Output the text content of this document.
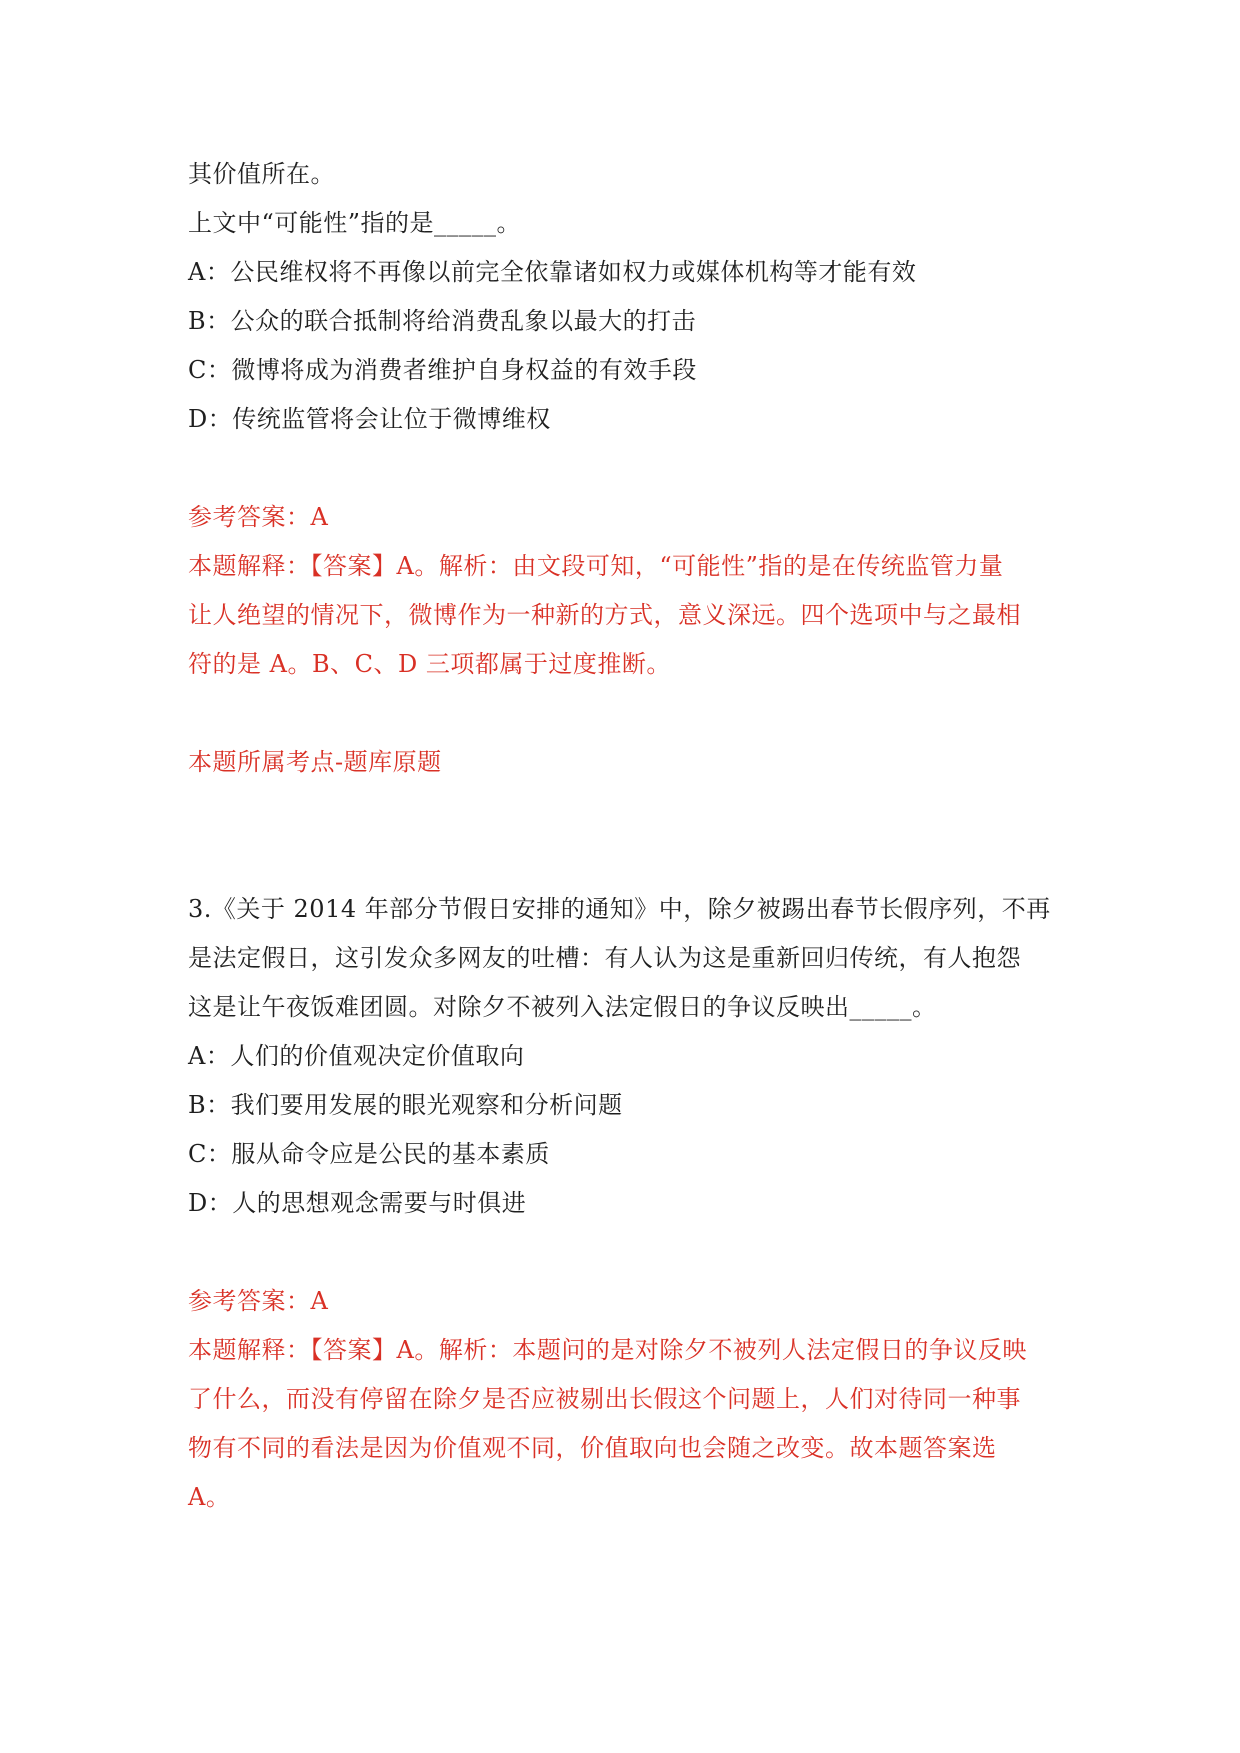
其价值所在。
上文中“可能性”指的是_____。
A：公民维权将不再像以前完全依靠诸如权力或媒体机构等才能有效
B：公众的联合抵制将给消费乱象以最大的打击
C：微博将成为消费者维护自身权益的有效手段
D：传统监管将会让位于微博维权
参考答案：A
本题解释：【答案】A。解析：由文段可知，“可能性”指的是在传统监管力量
让人绝望的情况下，微博作为一种新的方式，意义深远。四个选项中与之最相
符的是 A。B、C、D 三项都属于过度推断。
本题所属考点-题库原题
3.《关于 2014 年部分节假日安排的通知》中，除夕被踢出春节长假序列，不再
是法定假日，这引发众多网友的吐槽：有人认为这是重新回归传统，有人抱怨
这是让午夜饭难团圆。对除夕不被列入法定假日的争议反映出_____。
A：人们的价值观决定价值取向
B：我们要用发展的眼光观察和分析问题
C：服从命令应是公民的基本素质
D：人的思想观念需要与时俱进
参考答案：A
本题解释：【答案】A。解析：本题问的是对除夕不被列人法定假日的争议反映
了什么，而没有停留在除夕是否应被剔出长假这个问题上，人们对待同一种事
物有不同的看法是因为价值观不同，价值取向也会随之改变。故本题答案选
A。
